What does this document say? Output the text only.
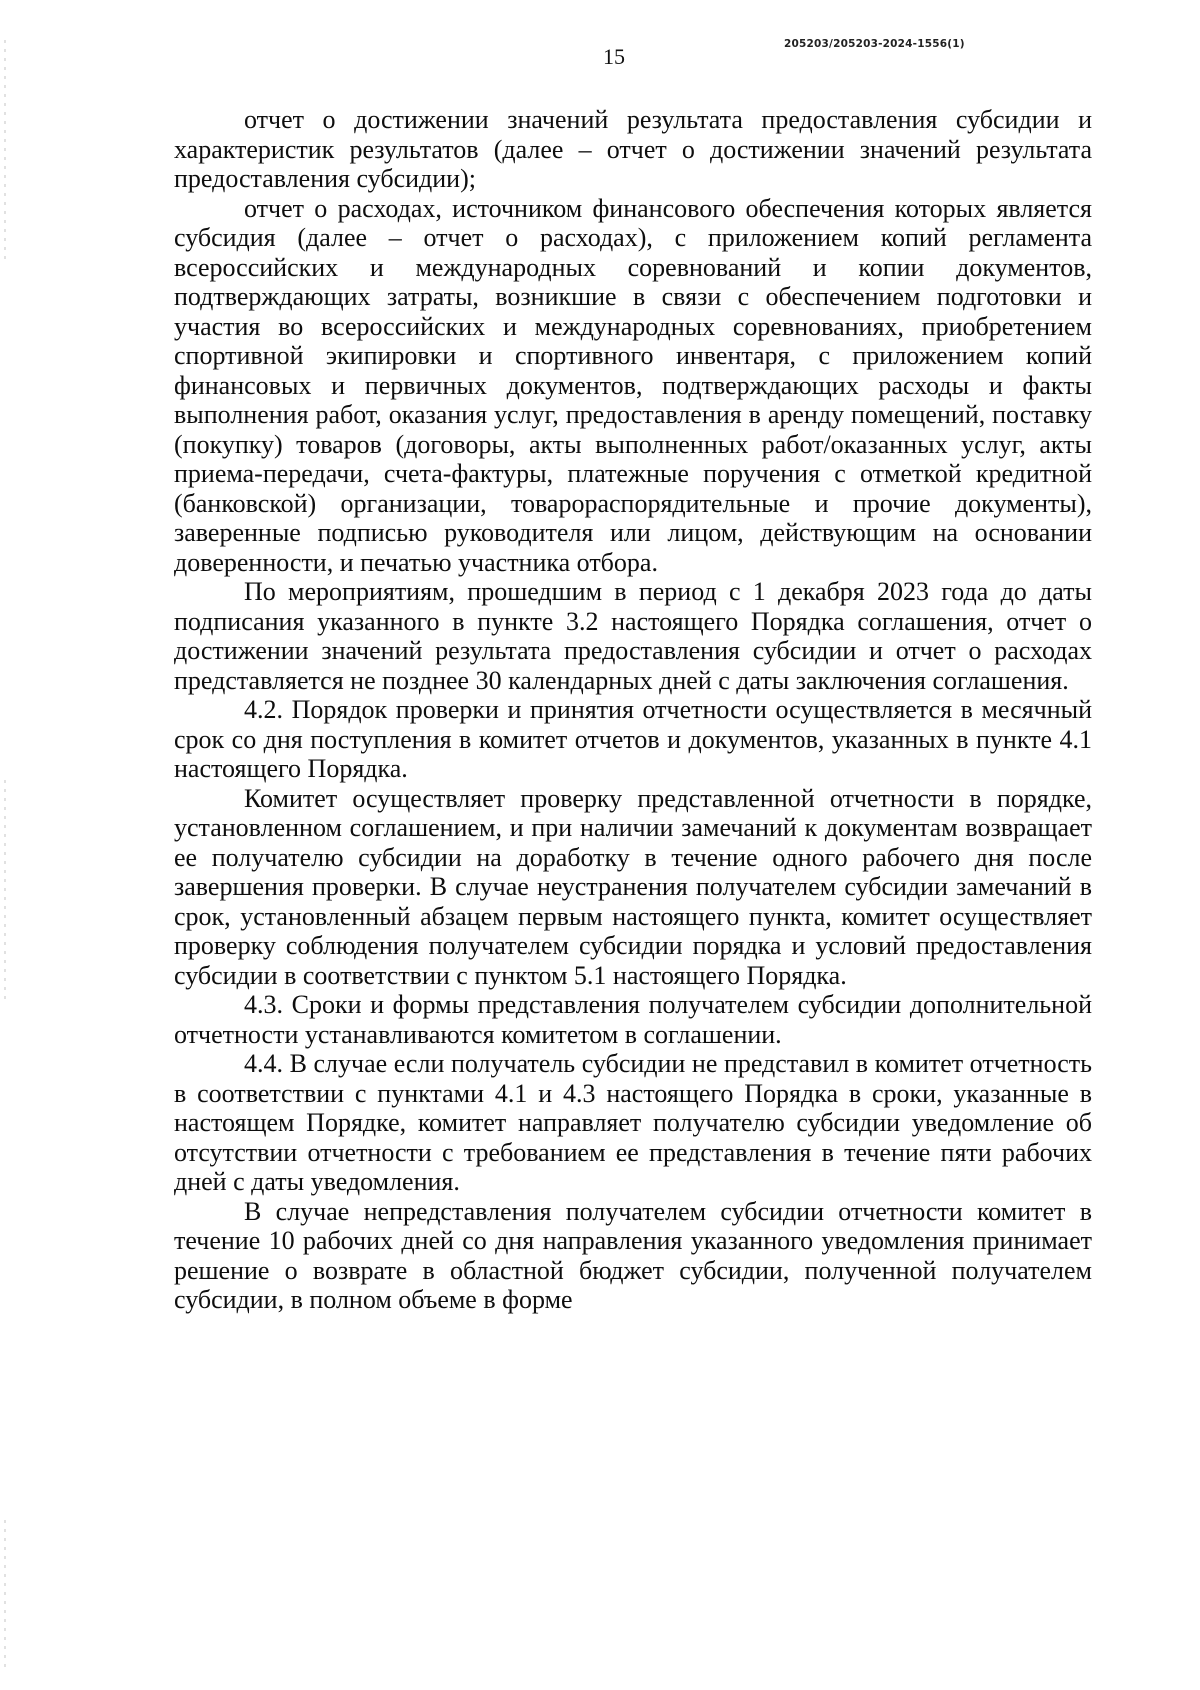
15	205203/205203-2024-1556(1)

отчет о достижении значений результата предоставления субсидии и характеристик результатов (далее – отчет о достижении значений результата предоставления субсидии);

отчет о расходах, источником финансового обеспечения которых является субсидия (далее – отчет о расходах), с приложением копий регламента всероссийских и международных соревнований и копии документов, подтверждающих затраты, возникшие в связи с обеспечением подготовки и участия во всероссийских и международных соревнованиях, приобретением спортивной экипировки и спортивного инвентаря, с приложением копий финансовых и первичных документов, подтверждающих расходы и факты выполнения работ, оказания услуг, предоставления в аренду помещений, поставку (покупку) товаров (договоры, акты выполненных работ/оказанных услуг, акты приема-передачи, счета-фактуры, платежные поручения с отметкой кредитной (банковской) организации, товарораспорядительные и прочие документы), заверенные подписью руководителя или лицом, действующим на основании доверенности, и печатью участника отбора.

По мероприятиям, прошедшим в период с 1 декабря 2023 года до даты подписания указанного в пункте 3.2 настоящего Порядка соглашения, отчет о достижении значений результата предоставления субсидии и отчет о расходах представляется не позднее 30 календарных дней с даты заключения соглашения.

4.2. Порядок проверки и принятия отчетности осуществляется в месячный срок со дня поступления в комитет отчетов и документов, указанных в пункте 4.1 настоящего Порядка.

Комитет осуществляет проверку представленной отчетности в порядке, установленном соглашением, и при наличии замечаний к документам возвращает ее получателю субсидии на доработку в течение одного рабочего дня после завершения проверки. В случае неустранения получателем субсидии замечаний в срок, установленный абзацем первым настоящего пункта, комитет осуществляет проверку соблюдения получателем субсидии порядка и условий предоставления субсидии в соответствии с пунктом 5.1 настоящего Порядка.

4.3. Сроки и формы представления получателем субсидии дополнительной отчетности устанавливаются комитетом в соглашении.

4.4. В случае если получатель субсидии не представил в комитет отчетность в соответствии с пунктами 4.1 и 4.3 настоящего Порядка в сроки, указанные в настоящем Порядке, комитет направляет получателю субсидии уведомление об отсутствии отчетности с требованием ее представления в течение пяти рабочих дней с даты уведомления.

В случае непредставления получателем субсидии отчетности комитет в течение 10 рабочих дней со дня направления указанного уведомления принимает решение о возврате в областной бюджет субсидии, полученной получателем субсидии, в полном объеме в форме
